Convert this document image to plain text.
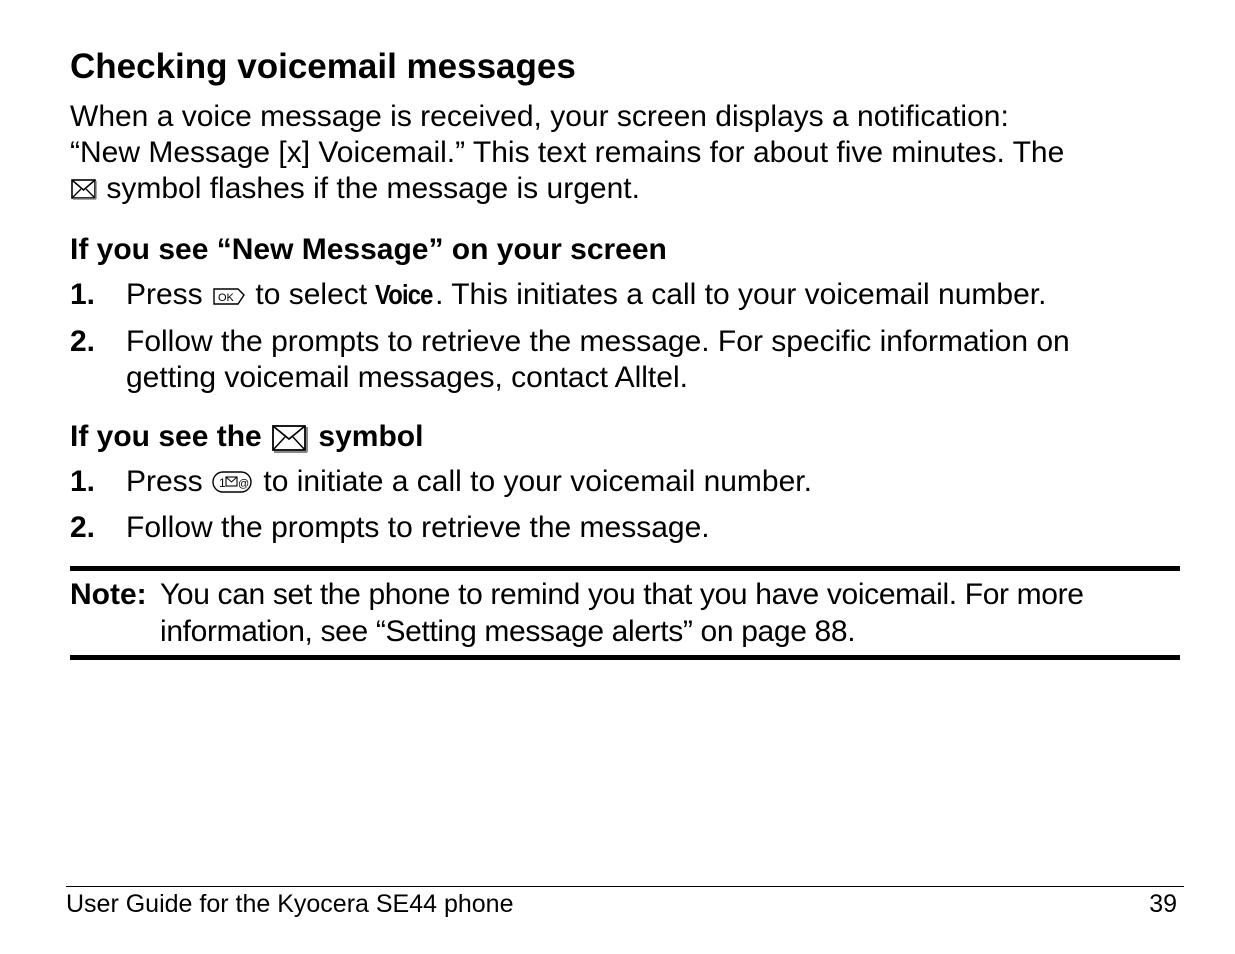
Checking voicemail messages

When a voice message is received, your screen displays a notification:
“New Message [x] Voicemail.” This text remains for about five minutes. The
symbol flashes if the message is urgent.

If you see “New Message” on your screen
1. Press OK to select Voice. This initiates a call to your voicemail number.
2. Follow the prompts to retrieve the message. For specific information on
getting voicemail messages, contact Alltel.
If you see the  symbol
1. Press 1 @ to initiate a call to your voicemail number.
2. Follow the prompts to retrieve the message.
Note: You can set the phone to remind you that you have voicemail. For more
information, see “Setting message alerts” on page 88.
User Guide for the Kyocera SE44 phone	39
